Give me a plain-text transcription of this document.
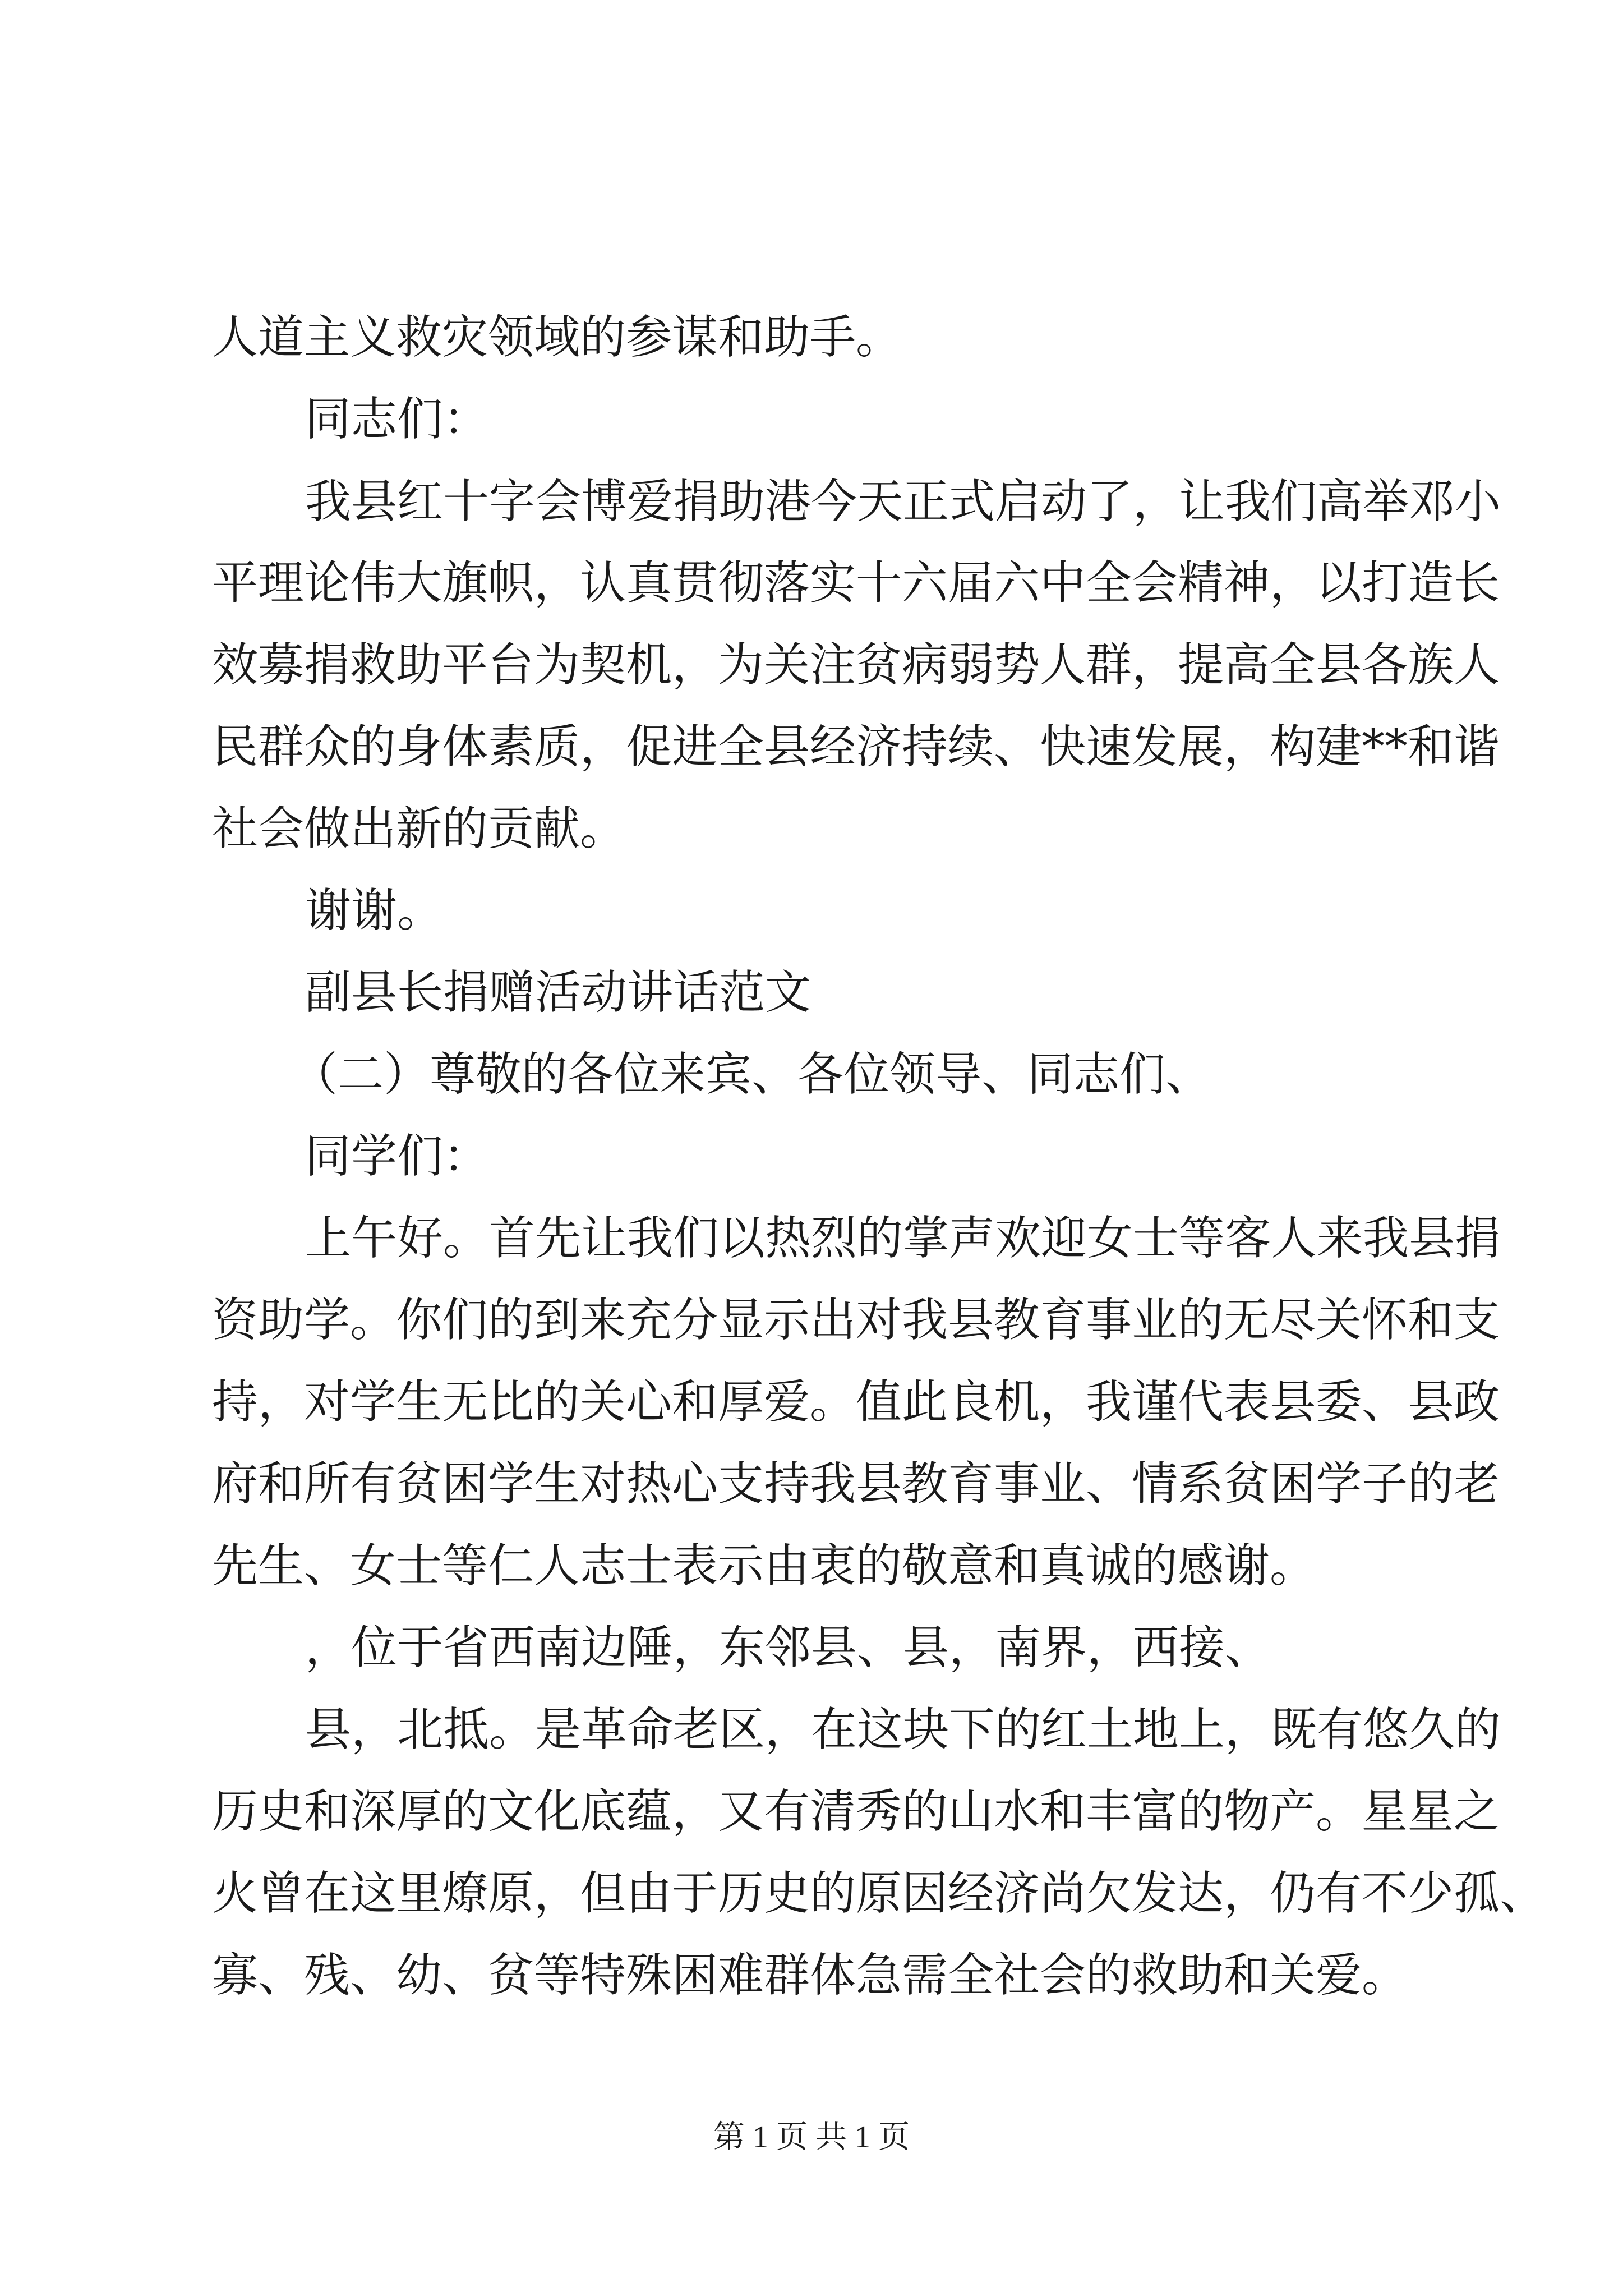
人道主义救灾领域的参谋和助手。
同志们：
我县红十字会博爱捐助港今天正式启动了，让我们高举邓小
平理论伟大旗帜，认真贯彻落实十六届六中全会精神，以打造长
效募捐救助平台为契机，为关注贫病弱势人群，提高全县各族人
民群众的身体素质，促进全县经济持续、快速发展，构建**和谐
社会做出新的贡献。
谢谢。
副县长捐赠活动讲话范文
（二）尊敬的各位来宾、各位领导、同志们、
同学们：
上午好。首先让我们以热烈的掌声欢迎女士等客人来我县捐
资助学。你们的到来充分显示出对我县教育事业的无尽关怀和支
持，对学生无比的关心和厚爱。值此良机，我谨代表县委、县政
府和所有贫困学生对热心支持我县教育事业、情系贫困学子的老
先生、女士等仁人志士表示由衷的敬意和真诚的感谢。
，位于省西南边陲，东邻县、县，南界，西接、
县，北抵。是革命老区，在这块下的红土地上，既有悠久的
历史和深厚的文化底蕴，又有清秀的山水和丰富的物产。星星之
火曾在这里燎原，但由于历史的原因经济尚欠发达，仍有不少孤、
寡、残、幼、贫等特殊困难群体急需全社会的救助和关爱。
第 1 页 共 1 页
